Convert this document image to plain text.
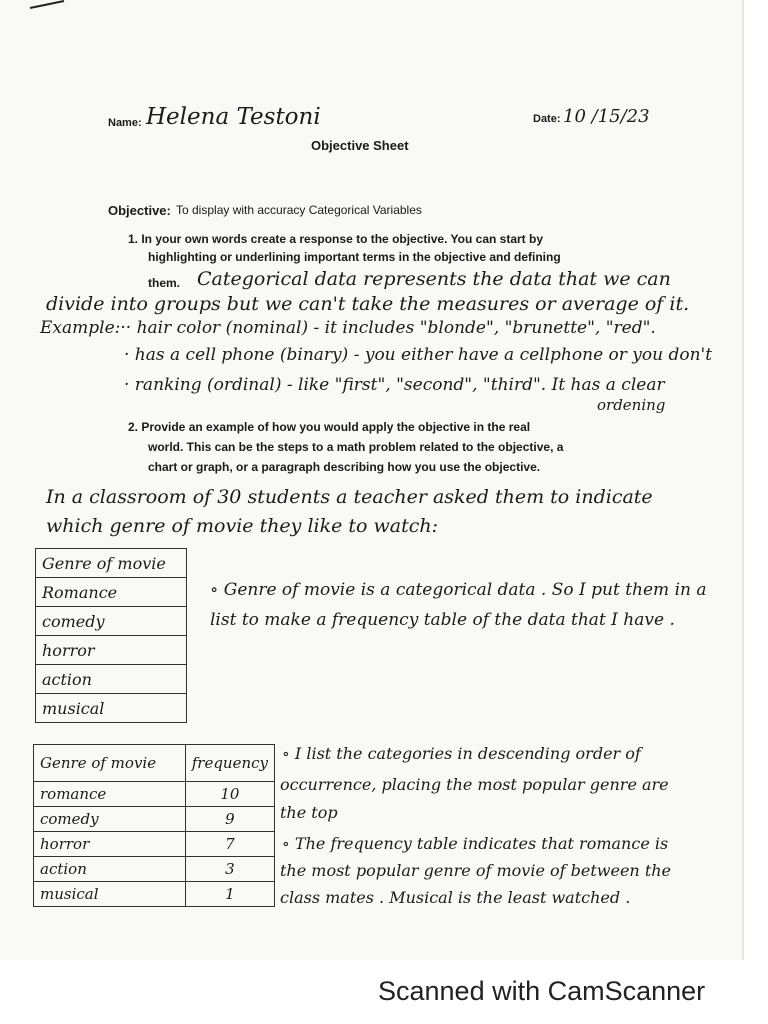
Name: Helena Testoni	Date: 10 /15/23
Objective Sheet
Objective: To display with accuracy Categorical Variables
1. In your own words create a response to the objective. You can start by
highlighting or underlining important terms in the objective and defining
them. Categorical data represents the data that we can
divide into groups but we can't take the measures or average of it.
Example:·· hair color (nominal) - it includes "blonde", "brunette", "red".
· has a cell phone (binary) - you either have a cellphone or you don't
· ranking (ordinal) - like "first", "second", "third". It has a clear
ordening
2. Provide an example of how you would apply the objective in the real
world. This can be the steps to a math problem related to the objective, a
chart or graph, or a paragraph describing how you use the objective.
In a classroom of 30 students a teacher asked them to indicate
which genre of movie they like to watch:
Genre of movie
Romance
comedy
horror
action
musical
∘ Genre of movie is a categorical data . So I put them in a
list to make a frequency table of the data that I have .
Genre of movie	frequency
romance	10
comedy	9
horror	7
action	3
musical	1
∘ I list the categories in descending order of
occurrence, placing the most popular genre are
the top
∘ The frequency table indicates that romance is
the most popular genre of movie of between the
class mates . Musical is the least watched .
Scanned with CamScanner
